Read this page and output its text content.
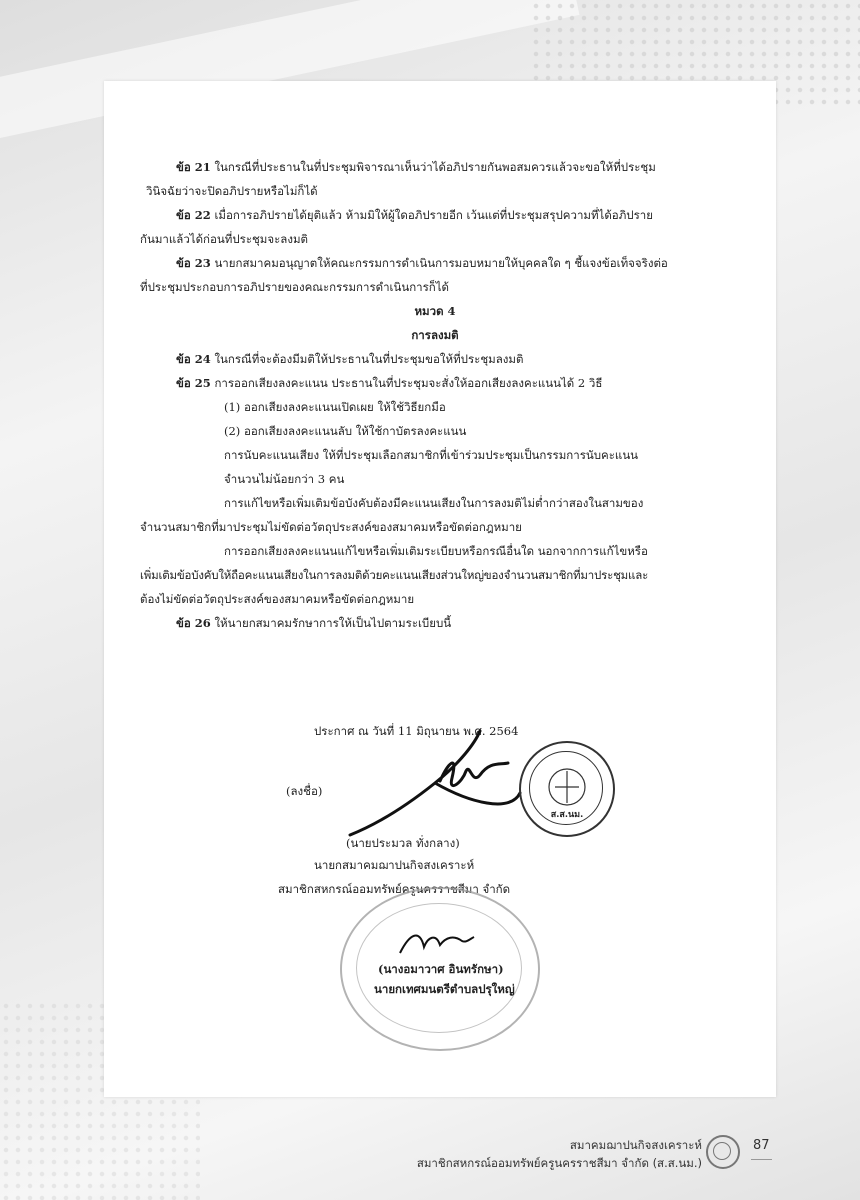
ข้อ 21 ในกรณีที่ประธานในที่ประชุมพิจารณาเห็นว่าได้อภิปรายกันพอสมควรแล้วจะขอให้ที่ประชุม

วินิจฉัยว่าจะปิดอภิปรายหรือไม่ก็ได้

ข้อ 22 เมื่อการอภิปรายได้ยุติแล้ว ห้ามมิให้ผู้ใดอภิปรายอีก เว้นแต่ที่ประชุมสรุปความที่ได้อภิปราย

กันมาแล้วได้ก่อนที่ประชุมจะลงมติ

ข้อ 23 นายกสมาคมอนุญาตให้คณะกรรมการดำเนินการมอบหมายให้บุคคลใด ๆ ชี้แจงข้อเท็จจริงต่อ

ที่ประชุมประกอบการอภิปรายของคณะกรรมการดำเนินการก็ได้

หมวด 4

การลงมติ

ข้อ 24 ในกรณีที่จะต้องมีมติให้ประธานในที่ประชุมขอให้ที่ประชุมลงมติ

ข้อ 25 การออกเสียงลงคะแนน ประธานในที่ประชุมจะสั่งให้ออกเสียงลงคะแนนได้ 2 วิธี

(1) ออกเสียงลงคะแนนเปิดเผย ให้ใช้วิธียกมือ

(2) ออกเสียงลงคะแนนลับ ให้ใช้กาบัตรลงคะแนน

การนับคะแนนเสียง ให้ที่ประชุมเลือกสมาชิกที่เข้าร่วมประชุมเป็นกรรมการนับคะแนน

จำนวนไม่น้อยกว่า 3 คน

การแก้ไขหรือเพิ่มเติมข้อบังคับต้องมีคะแนนเสียงในการลงมติไม่ต่ำกว่าสองในสามของ

จำนวนสมาชิกที่มาประชุมไม่ขัดต่อวัตถุประสงค์ของสมาคมหรือขัดต่อกฎหมาย

การออกเสียงลงคะแนนแก้ไขหรือเพิ่มเติมระเบียบหรือกรณีอื่นใด นอกจากการแก้ไขหรือ

เพิ่มเติมข้อบังคับให้ถือคะแนนเสียงในการลงมติด้วยคะแนนเสียงส่วนใหญ่ของจำนวนสมาชิกที่มาประชุมและ

ต้องไม่ขัดต่อวัตถุประสงค์ของสมาคมหรือขัดต่อกฎหมาย

ข้อ 26 ให้นายกสมาคมรักษาการให้เป็นไปตามระเบียบนี้

ประกาศ ณ วันที่ 11 มิถุนายน พ.ศ. 2564
(ลงชื่อ)
ส.ส.นม.
(นายประมวล ทั่งกลาง)
นายกสมาคมฌาปนกิจสงเคราะห์
สมาชิกสหกรณ์ออมทรัพย์ครูนครราชสีมา จำกัด
(นางอมาวาศ อินทรักษา)
นายกเทศมนตรีตำบลปรุใหญ่
สมาคมฌาปนกิจสงเคราะห์
สมาชิกสหกรณ์ออมทรัพย์ครูนครราชสีมา จำกัด (ส.ส.นม.)
87
